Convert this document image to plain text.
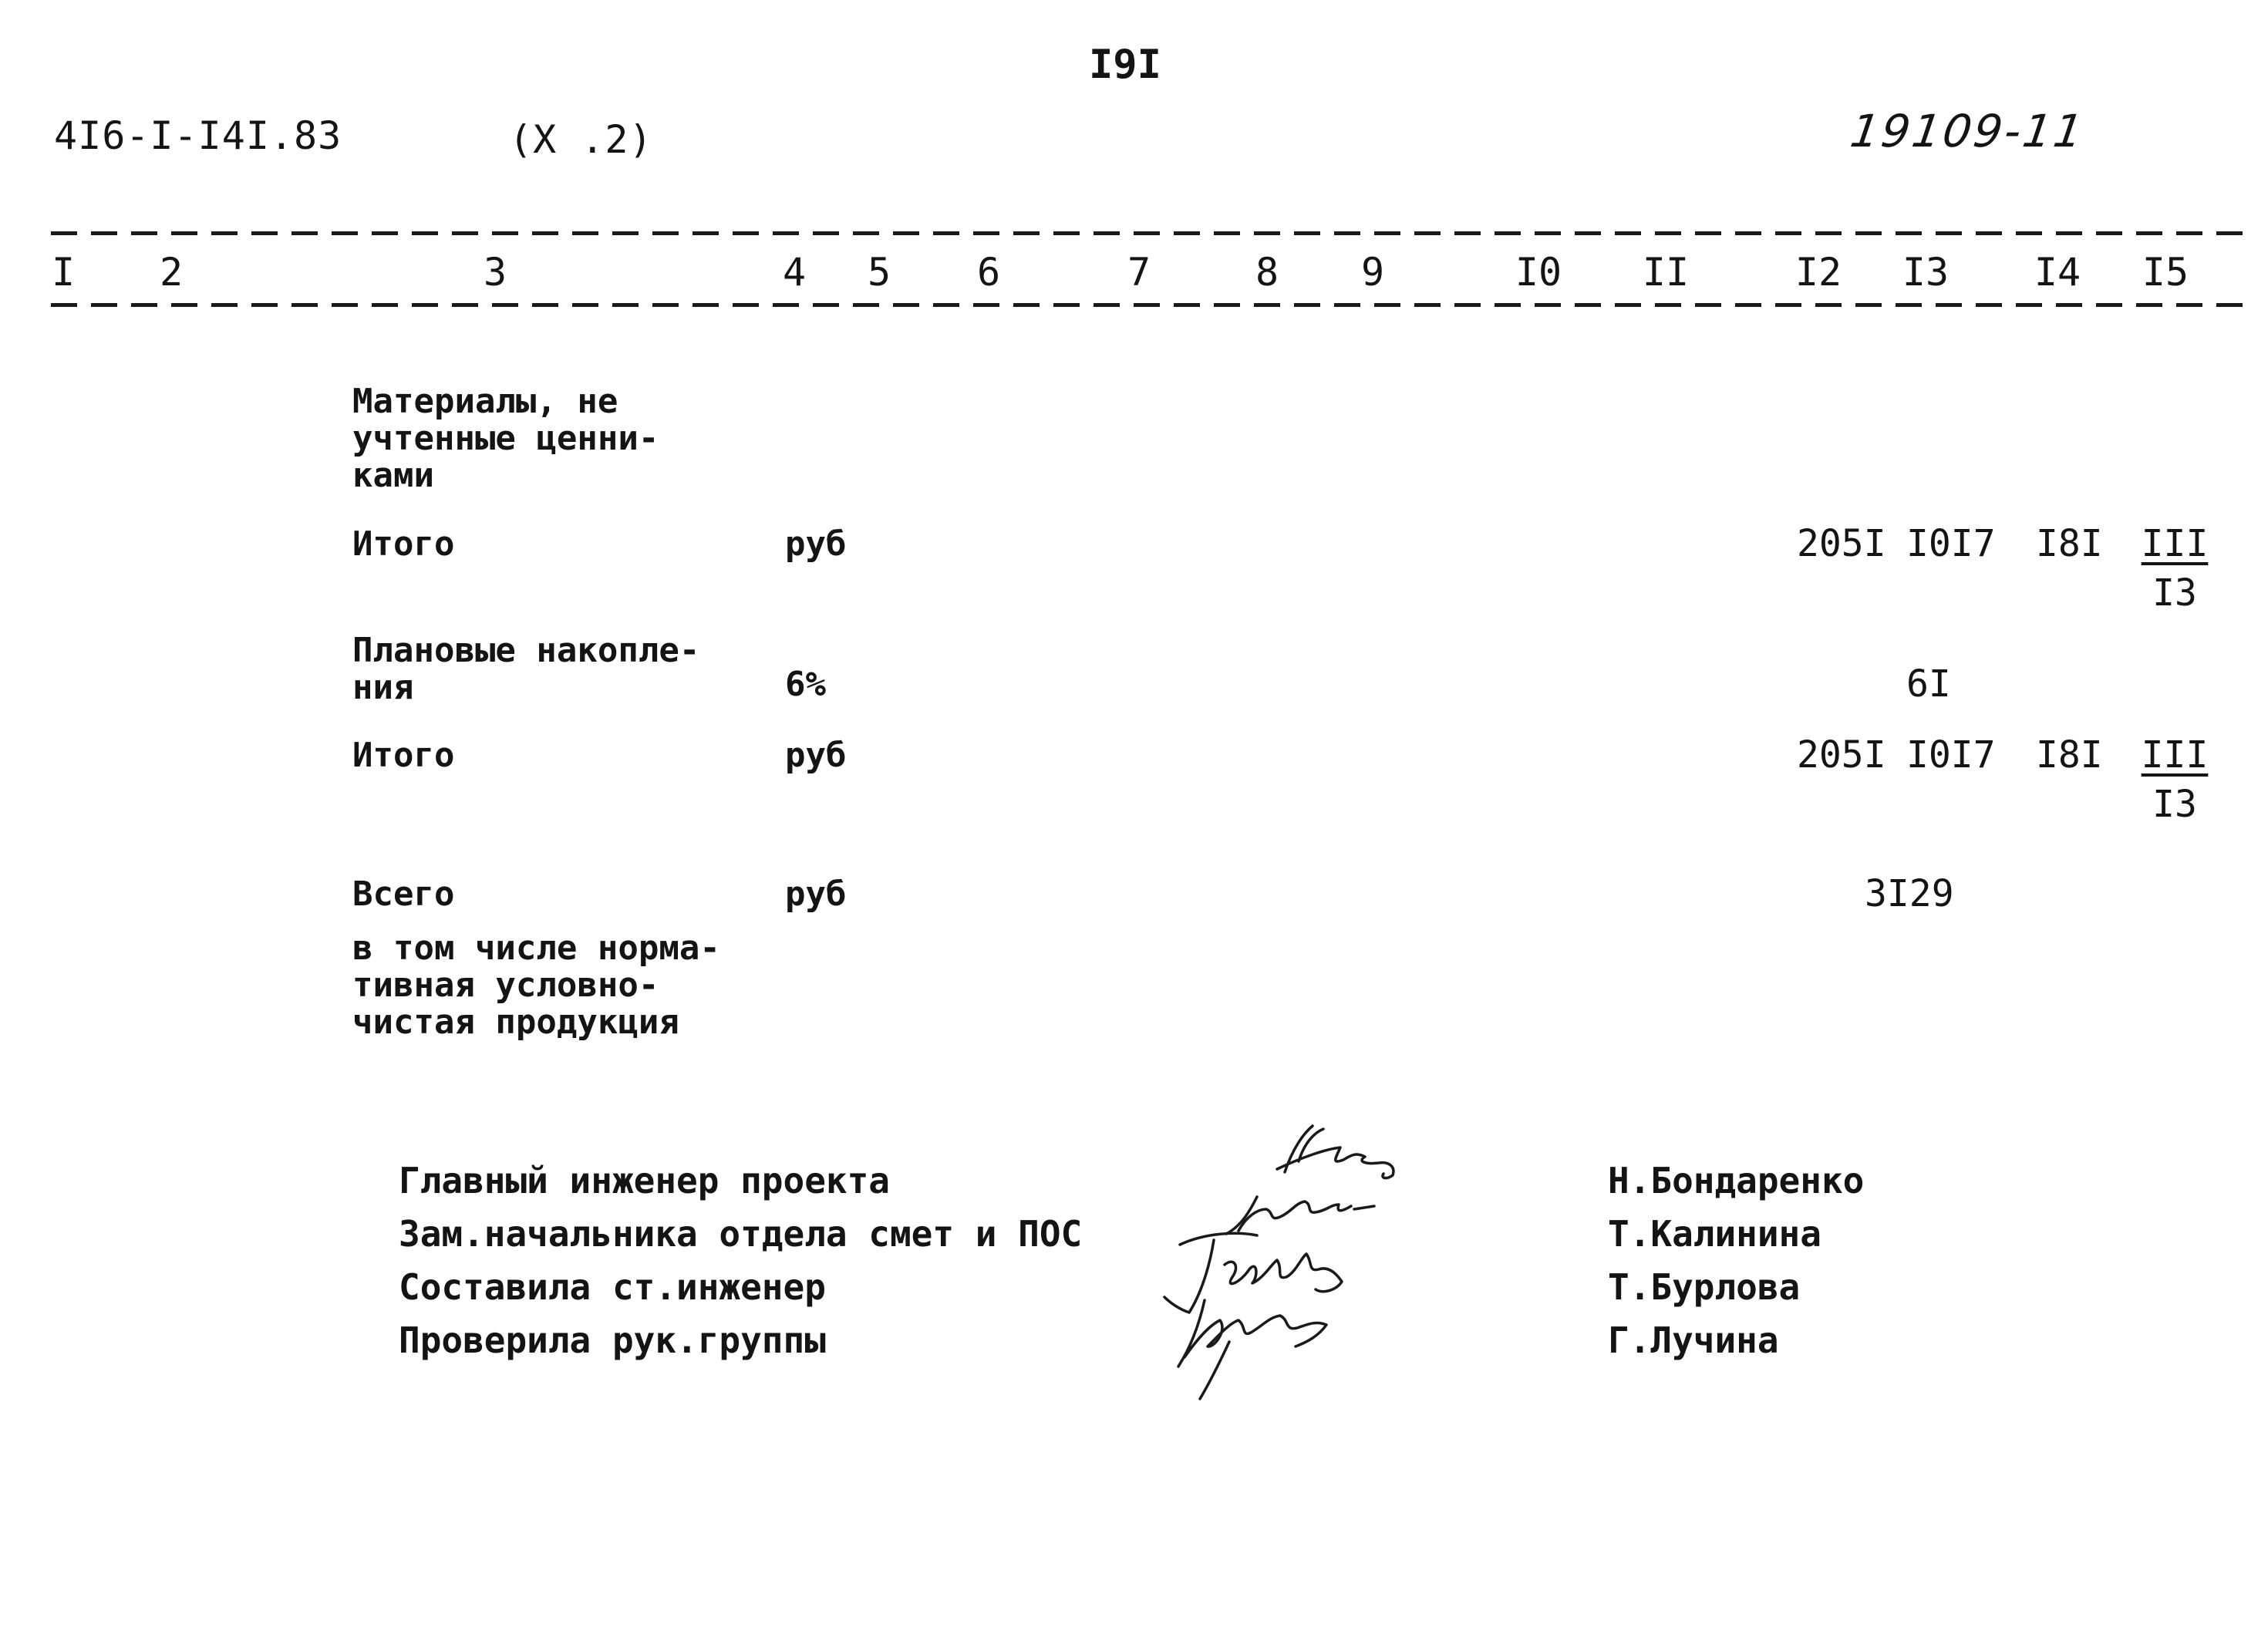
I9I
4I6-I-I4I.83	(X .2)	19109-11
I	2	3	4	5	6	7	8	9	I0 II	I2 I3 I4 I5
Материалы, не
учтенные ценни-
ками
Итого	руб	205I I0I7 I8I III
I3
Плановые накопле-
ния	6%	6I
Итого	руб	205I I0I7 I8I III
I3
Всего	руб	3I29
в том числе норма-
тивная условно-
чистая продукция
Главный инженер проекта
Зам.начальника отдела смет и ПОС
Составила ст.инженер
Проверила рук.группы
Н.Бондаренко
Т.Калинина
Т.Бурлова
Г.Лучина
